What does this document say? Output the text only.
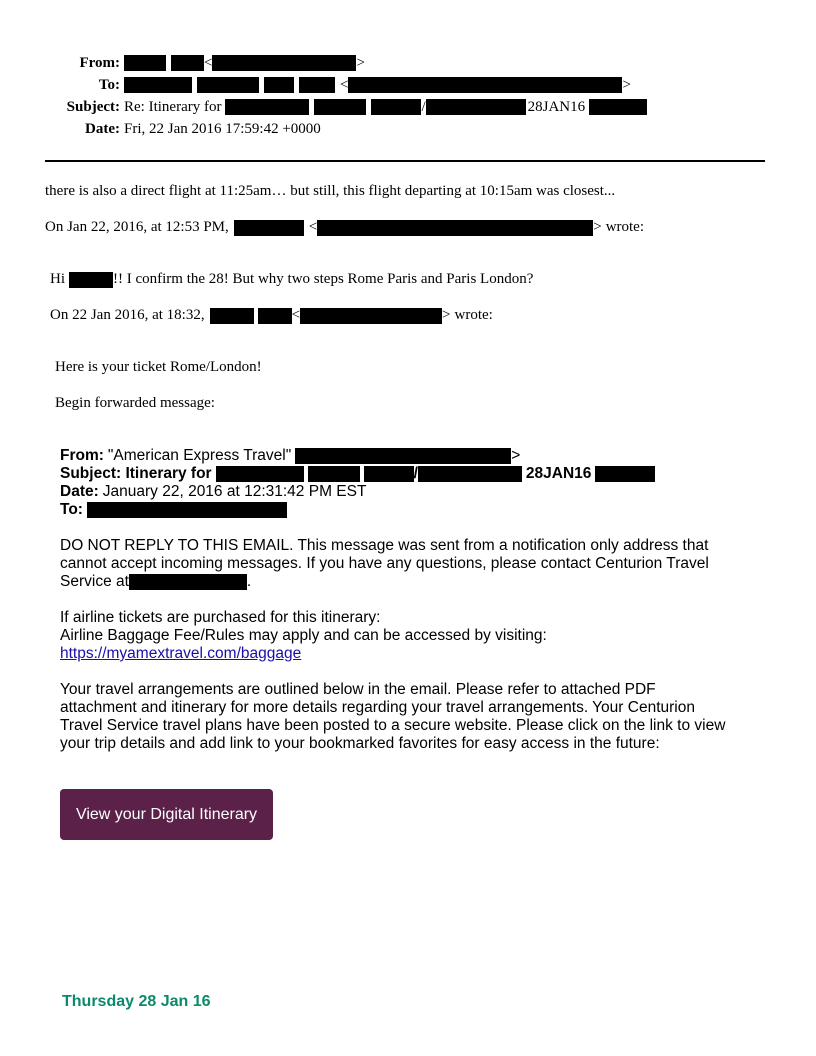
From:	<	>
To:	<	>
Subject: Re: Itinerary for	/	28JAN16
Date: Fri, 22 Jan 2016 17:59:42 +0000
there is also a direct flight at 11:25am… but still, this flight departing at 10:15am was closest...
On Jan 22, 2016, at 12:53 PM,	<	> wrote:
Hi	!! I confirm the 28! But why two steps Rome Paris and Paris London?
On 22 Jan 2016, at 18:32,	<	> wrote:
Here is your ticket Rome/London!
Begin forwarded message:
From: "American Express Travel"	>
Subject: Itinerary for	/	28JAN16
Date: January 22, 2016 at 12:31:42 PM EST
To:
DO NOT REPLY TO THIS EMAIL. This message was sent from a notification only address that
cannot accept incoming messages. If you have any questions, please contact Centurion Travel
Service at	.
If airline tickets are purchased for this itinerary:
Airline Baggage Fee/Rules may apply and can be accessed by visiting:
https://myamextravel.com/baggage
Your travel arrangements are outlined below in the email. Please refer to attached PDF
attachment and itinerary for more details regarding your travel arrangements. Your Centurion
Travel Service travel plans have been posted to a secure website. Please click on the link to view
your trip details and add link to your bookmarked favorites for easy access in the future:
View your Digital Itinerary
Thursday 28 Jan 16
